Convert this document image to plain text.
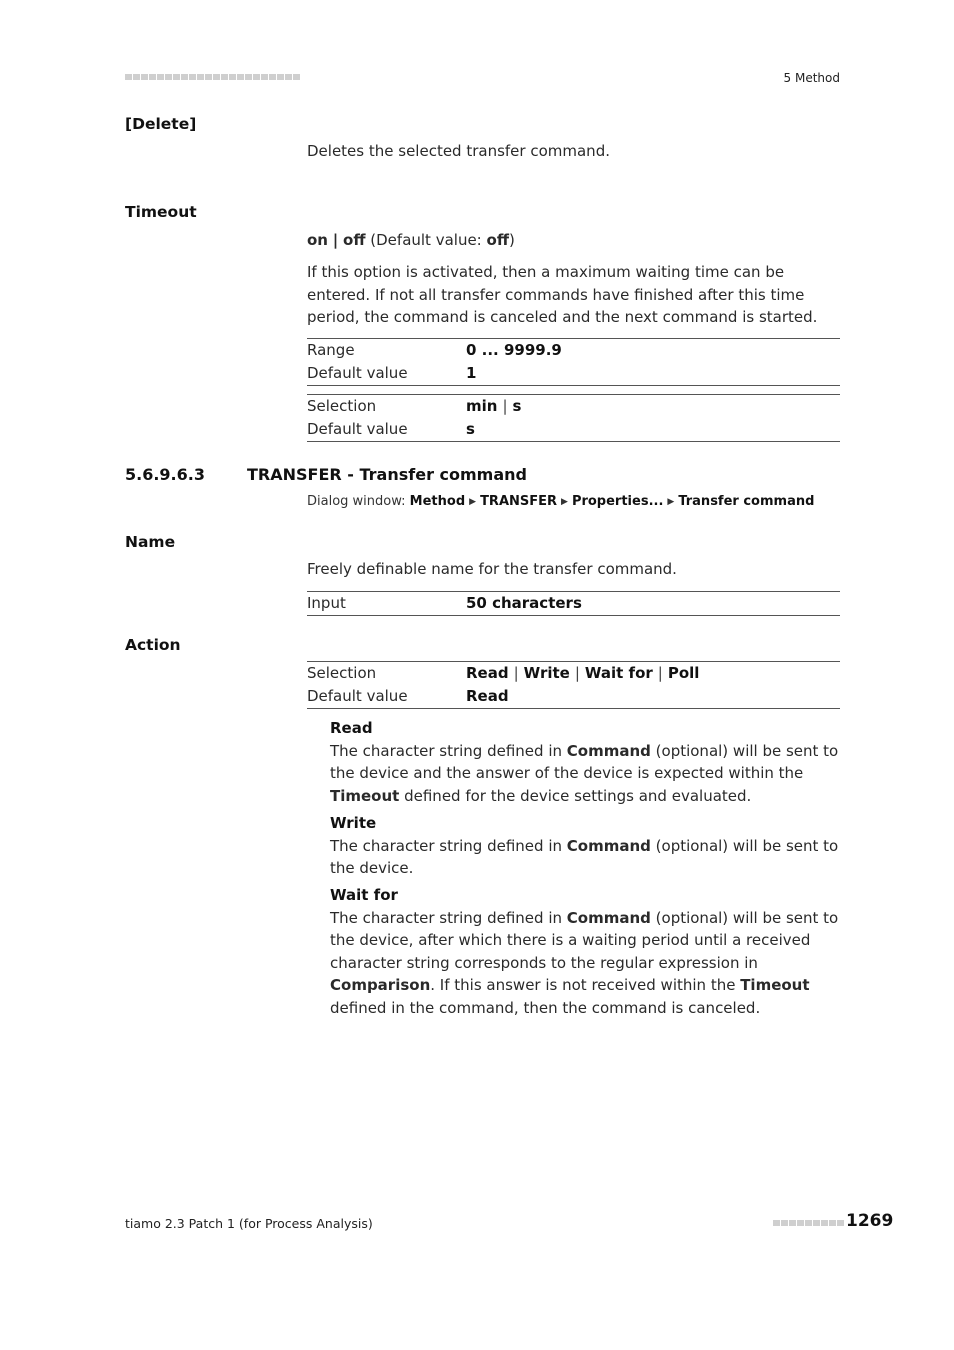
5 Method
[Delete]
Deletes the selected transfer command.
Timeout
on | off (Default value: off)
If this option is activated, then a maximum waiting time can be entered. If not all transfer commands have finished after this time period, the command is canceled and the next command is started.
Range	0 ... 9999.9
Default value	1
Selection	min | s
Default value	s
5.6.9.6.3	TRANSFER - Transfer command
Dialog window: Method ▶ TRANSFER ▶ Properties... ▶ Transfer command
Name
Freely definable name for the transfer command.
Input	50 characters
Action
Selection	Read | Write | Wait for | Poll
Default value	Read
Read
The character string defined in Command (optional) will be sent to the device and the answer of the device is expected within the Timeout defined for the device settings and evaluated.
Write
The character string defined in Command (optional) will be sent to the device.
Wait for
The character string defined in Command (optional) will be sent to the device, after which there is a waiting period until a received character string corresponds to the regular expression in Comparison. If this answer is not received within the Timeout defined in the command, then the command is canceled.
tiamo 2.3 Patch 1 (for Process Analysis)	1269
